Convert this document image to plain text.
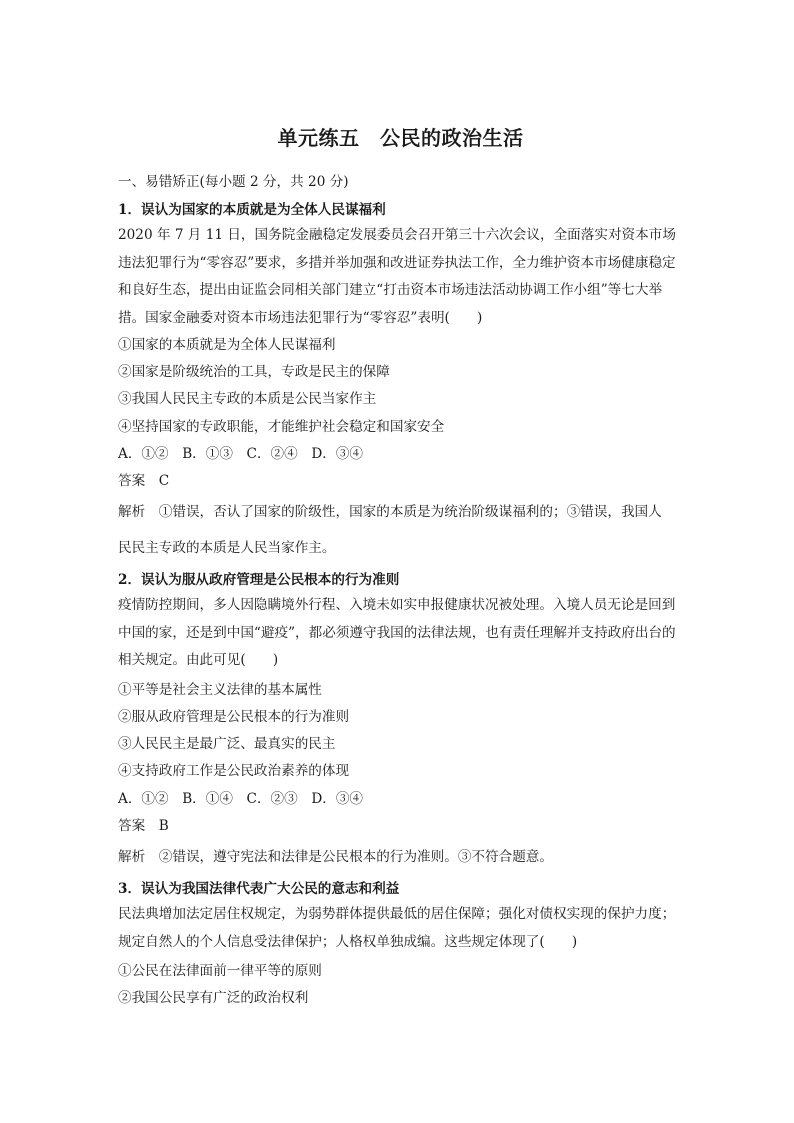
单元练五　公民的政治生活
一、易错矫正(每小题 2 分，共 20 分)
1．误认为国家的本质就是为全体人民谋福利
2020 年 7 月 11 日，国务院金融稳定发展委员会召开第三十六次会议，全面落实对资本市场违法犯罪行为“零容忍”要求，多措并举加强和改进证券执法工作，全力维护资本市场健康稳定和良好生态，提出由证监会同相关部门建立“打击资本市场违法活动协调工作小组”等七大举措。国家金融委对资本市场违法犯罪行为“零容忍”表明(　　)
①国家的本质就是为全体人民谋福利
②国家是阶级统治的工具，专政是民主的保障
③我国人民民主专政的本质是公民当家作主
④坚持国家的专政职能，才能维护社会稳定和国家安全
A．①②　B．①③　C．②④　D．③④
答案　C
解析　①错误，否认了国家的阶级性，国家的本质是为统治阶级谋福利的；③错误，我国人
民民主专政的本质是人民当家作主。
2．误认为服从政府管理是公民根本的行为准则
疫情防控期间，多人因隐瞒境外行程、入境未如实申报健康状况被处理。入境人员无论是回到中国的家，还是到中国“避疫”，都必须遵守我国的法律法规，也有责任理解并支持政府出台的相关规定。由此可见(　　)
①平等是社会主义法律的基本属性
②服从政府管理是公民根本的行为准则
③人民民主是最广泛、最真实的民主
④支持政府工作是公民政治素养的体现
A．①②　B．①④　C．②③　D．③④
答案　B
解析　②错误，遵守宪法和法律是公民根本的行为准则。③不符合题意。
3．误认为我国法律代表广大公民的意志和利益
民法典增加法定居住权规定，为弱势群体提供最低的居住保障；强化对债权实现的保护力度；规定自然人的个人信息受法律保护；人格权单独成编。这些规定体现了(　　)
①公民在法律面前一律平等的原则
②我国公民享有广泛的政治权利
